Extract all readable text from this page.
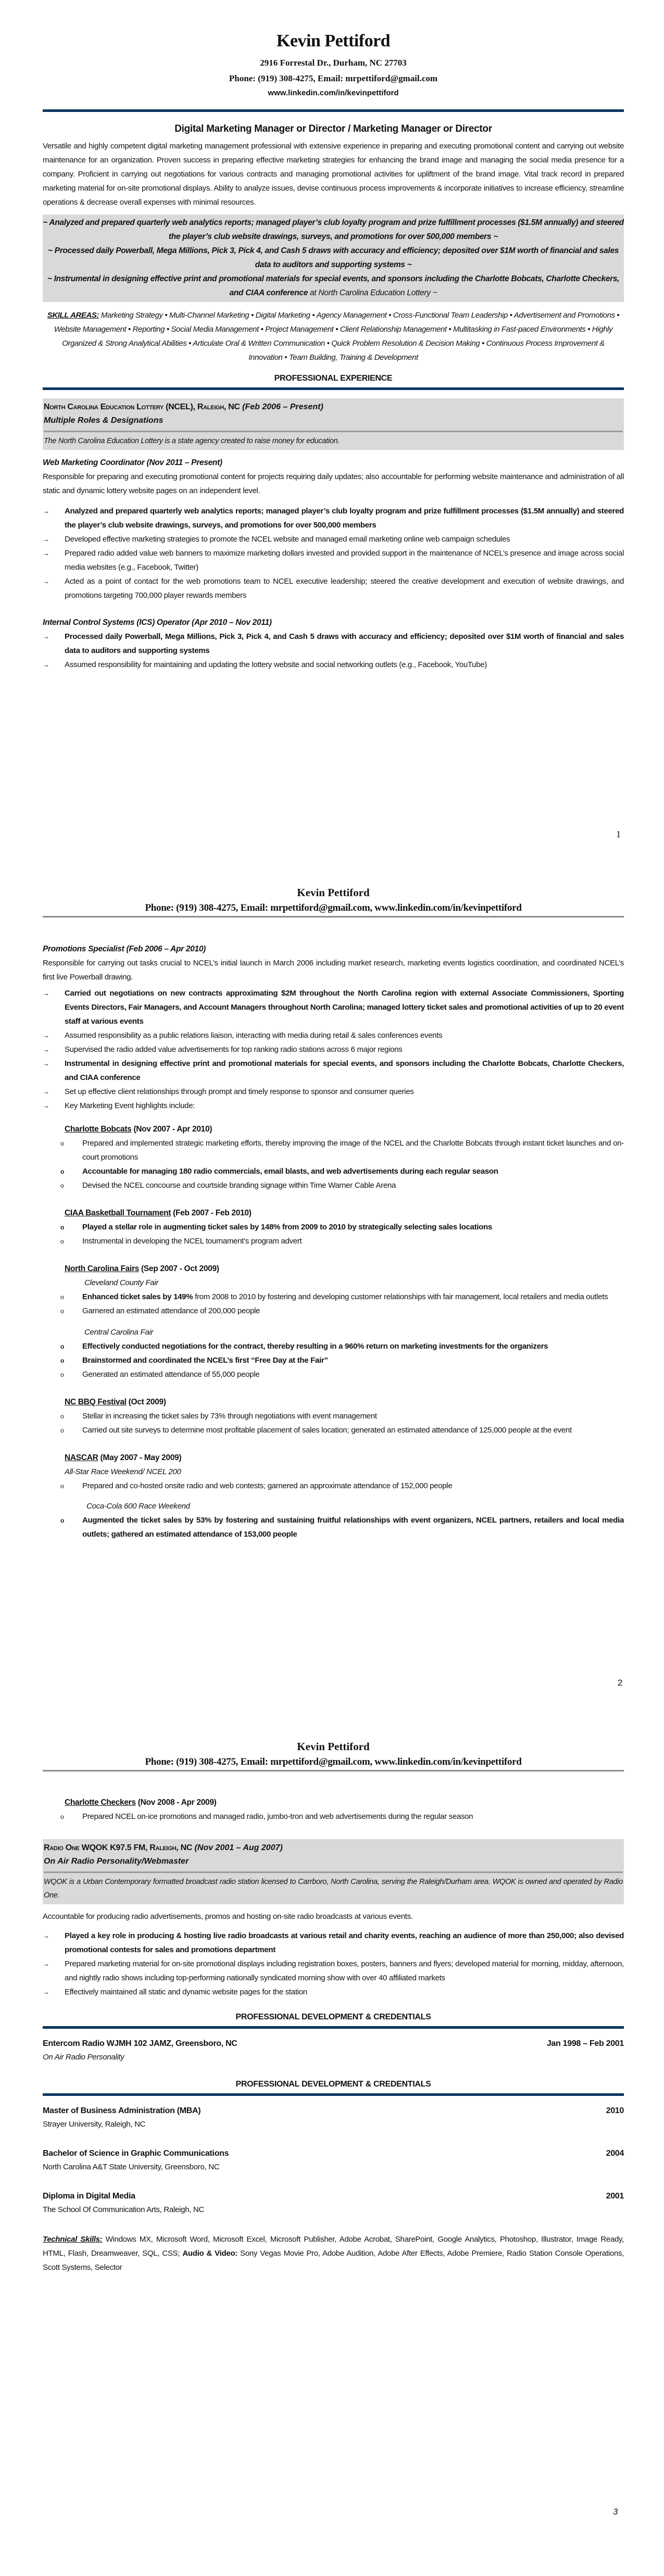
Kevin Pettiford
2916 Forrestal Dr., Durham, NC 27703
Phone: (919) 308-4275, Email: mrpettiford@gmail.com
www.linkedin.com/in/kevinpettiford
Digital Marketing Manager or Director / Marketing Manager or Director
Versatile and highly competent digital marketing management professional with extensive experience in preparing and executing promotional content and carrying out website maintenance for an organization. Proven success in preparing effective marketing strategies for enhancing the brand image and managing the social media presence for a company. Proficient in carrying out negotiations for various contracts and managing promotional activities for upliftment of the brand image. Vital track record in prepared marketing material for on-site promotional displays. Ability to analyze issues, devise continuous process improvements & incorporate initiatives to increase efficiency, streamline operations & decrease overall expenses with minimal resources.
~ Analyzed and prepared quarterly web analytics reports; managed player’s club loyalty program and prize fulfillment processes ($1.5M annually) and steered the player’s club website drawings, surveys, and promotions for over 500,000 members ~
~ Processed daily Powerball, Mega Millions, Pick 3, Pick 4, and Cash 5 draws with accuracy and efficiency; deposited over $1M worth of financial and sales data to auditors and supporting systems ~
~ Instrumental in designing effective print and promotional materials for special events, and sponsors including the Charlotte Bobcats, Charlotte Checkers, and CIAA conference at North Carolina Education Lottery ~
SKILL AREAS: Marketing Strategy • Multi-Channel Marketing • Digital Marketing • Agency Management • Cross-Functional Team Leadership • Advertisement and Promotions • Website Management • Reporting • Social Media Management • Project Management • Client Relationship Management • Multitasking in Fast-paced Environments • Highly Organized & Strong Analytical Abilities • Articulate Oral & Written Communication • Quick Problem Resolution & Decision Making • Continuous Process Improvement & Innovation • Team Building, Training & Development
PROFESSIONAL EXPERIENCE
North Carolina Education Lottery (NCEL), Raleigh, NC (Feb 2006 – Present)
Multiple Roles & Designations
The North Carolina Education Lottery is a state agency created to raise money for education.
Web Marketing Coordinator (Nov 2011 – Present)
Responsible for preparing and executing promotional content for projects requiring daily updates; also accountable for performing website maintenance and administration of all static and dynamic lottery website pages on an independent level.
→ Analyzed and prepared quarterly web analytics reports; managed player’s club loyalty program and prize fulfillment processes ($1.5M annually) and steered the player’s club website drawings, surveys, and promotions for over 500,000 members
→ Developed effective marketing strategies to promote the NCEL website and managed email marketing online web campaign schedules
→ Prepared radio added value web banners to maximize marketing dollars invested and provided support in the maintenance of NCEL’s presence and image across social media websites (e.g., Facebook, Twitter)
→ Acted as a point of contact for the web promotions team to NCEL executive leadership; steered the creative development and execution of website drawings, and promotions targeting 700,000 player rewards members
Internal Control Systems (ICS) Operator (Apr 2010 – Nov 2011)
→ Processed daily Powerball, Mega Millions, Pick 3, Pick 4, and Cash 5 draws with accuracy and efficiency; deposited over $1M worth of financial and sales data to auditors and supporting systems
→ Assumed responsibility for maintaining and updating the lottery website and social networking outlets (e.g., Facebook, YouTube)
1
Kevin Pettiford
Phone: (919) 308-4275, Email: mrpettiford@gmail.com, www.linkedin.com/in/kevinpettiford
Promotions Specialist (Feb 2006 – Apr 2010)
Responsible for carrying out tasks crucial to NCEL’s initial launch in March 2006 including market research, marketing events logistics coordination, and coordinated NCEL’s first live Powerball drawing.
→ Carried out negotiations on new contracts approximating $2M throughout the North Carolina region with external Associate Commissioners, Sporting Events Directors, Fair Managers, and Account Managers throughout North Carolina; managed lottery ticket sales and promotional activities of up to 20 event staff at various events
→ Assumed responsibility as a public relations liaison, interacting with media during retail & sales conferences events
→ Supervised the radio added value advertisements for top ranking radio stations across 6 major regions
→ Instrumental in designing effective print and promotional materials for special events, and sponsors including the Charlotte Bobcats, Charlotte Checkers, and CIAA conference
→ Set up effective client relationships through prompt and timely response to sponsor and consumer queries
→ Key Marketing Event highlights include:
Charlotte Bobcats (Nov 2007 - Apr 2010)
o Prepared and implemented strategic marketing efforts, thereby improving the image of the NCEL and the Charlotte Bobcats through instant ticket launches and on-court promotions
o Accountable for managing 180 radio commercials, email blasts, and web advertisements during each regular season
o Devised the NCEL concourse and courtside branding signage within Time Warner Cable Arena
CIAA Basketball Tournament (Feb 2007 - Feb 2010)
o Played a stellar role in augmenting ticket sales by 148% from 2009 to 2010 by strategically selecting sales locations
o Instrumental in developing the NCEL tournament’s program advert
North Carolina Fairs (Sep 2007 - Oct 2009)
Cleveland County Fair
o Enhanced ticket sales by 149% from 2008 to 2010 by fostering and developing customer relationships with fair management, local retailers and media outlets
o Garnered an estimated attendance of 200,000 people
Central Carolina Fair
o Effectively conducted negotiations for the contract, thereby resulting in a 960% return on marketing investments for the organizers
o Brainstormed and coordinated the NCEL’s first “Free Day at the Fair”
o Generated an estimated attendance of 55,000 people
NC BBQ Festival (Oct 2009)
o Stellar in increasing the ticket sales by 73% through negotiations with event management
o Carried out site surveys to determine most profitable placement of sales location; generated an estimated attendance of 125,000 people at the event
NASCAR (May 2007 - May 2009)
All-Star Race Weekend/ NCEL 200
o Prepared and co-hosted onsite radio and web contests; garnered an approximate attendance of 152,000 people
Coca-Cola 600 Race Weekend
o Augmented the ticket sales by 53% by fostering and sustaining fruitful relationships with event organizers, NCEL partners, retailers and local media outlets; gathered an estimated attendance of 153,000 people
2
Kevin Pettiford
Phone: (919) 308-4275, Email: mrpettiford@gmail.com, www.linkedin.com/in/kevinpettiford
Charlotte Checkers (Nov 2008 - Apr 2009)
o Prepared NCEL on-ice promotions and managed radio, jumbo-tron and web advertisements during the regular season
Radio One WQOK K97.5 FM, Raleigh, NC (Nov 2001 – Aug 2007)
On Air Radio Personality/Webmaster
WQOK is a Urban Contemporary formatted broadcast radio station licensed to Carrboro, North Carolina, serving the Raleigh/Durham area. WQOK is owned and operated by Radio One.
Accountable for producing radio advertisements, promos and hosting on-site radio broadcasts at various events.
→ Played a key role in producing & hosting live radio broadcasts at various retail and charity events, reaching an audience of more than 250,000; also devised promotional contests for sales and promotions department
→ Prepared marketing material for on-site promotional displays including registration boxes, posters, banners and flyers; developed material for morning, midday, afternoon, and nightly radio shows including top-performing nationally syndicated morning show with over 40 affiliated markets
→ Effectively maintained all static and dynamic website pages for the station
PROFESSIONAL DEVELOPMENT & CREDENTIALS
Entercom Radio WJMH 102 JAMZ, Greensboro, NC	Jan 1998 – Feb 2001
On Air Radio Personality
PROFESSIONAL DEVELOPMENT & CREDENTIALS
Master of Business Administration (MBA)	2010
Strayer University, Raleigh, NC
Bachelor of Science in Graphic Communications	2004
North Carolina A&T State University, Greensboro, NC
Diploma in Digital Media	2001
The School Of Communication Arts, Raleigh, NC
Technical Skills: Windows MX, Microsoft Word, Microsoft Excel, Microsoft Publisher, Adobe Acrobat, SharePoint, Google Analytics, Photoshop, Illustrator, Image Ready, HTML, Flash, Dreamweaver, SQL, CSS; Audio & Video: Sony Vegas Movie Pro, Adobe Audition, Adobe After Effects, Adobe Premiere, Radio Station Console Operations, Scott Systems, Selector
3
